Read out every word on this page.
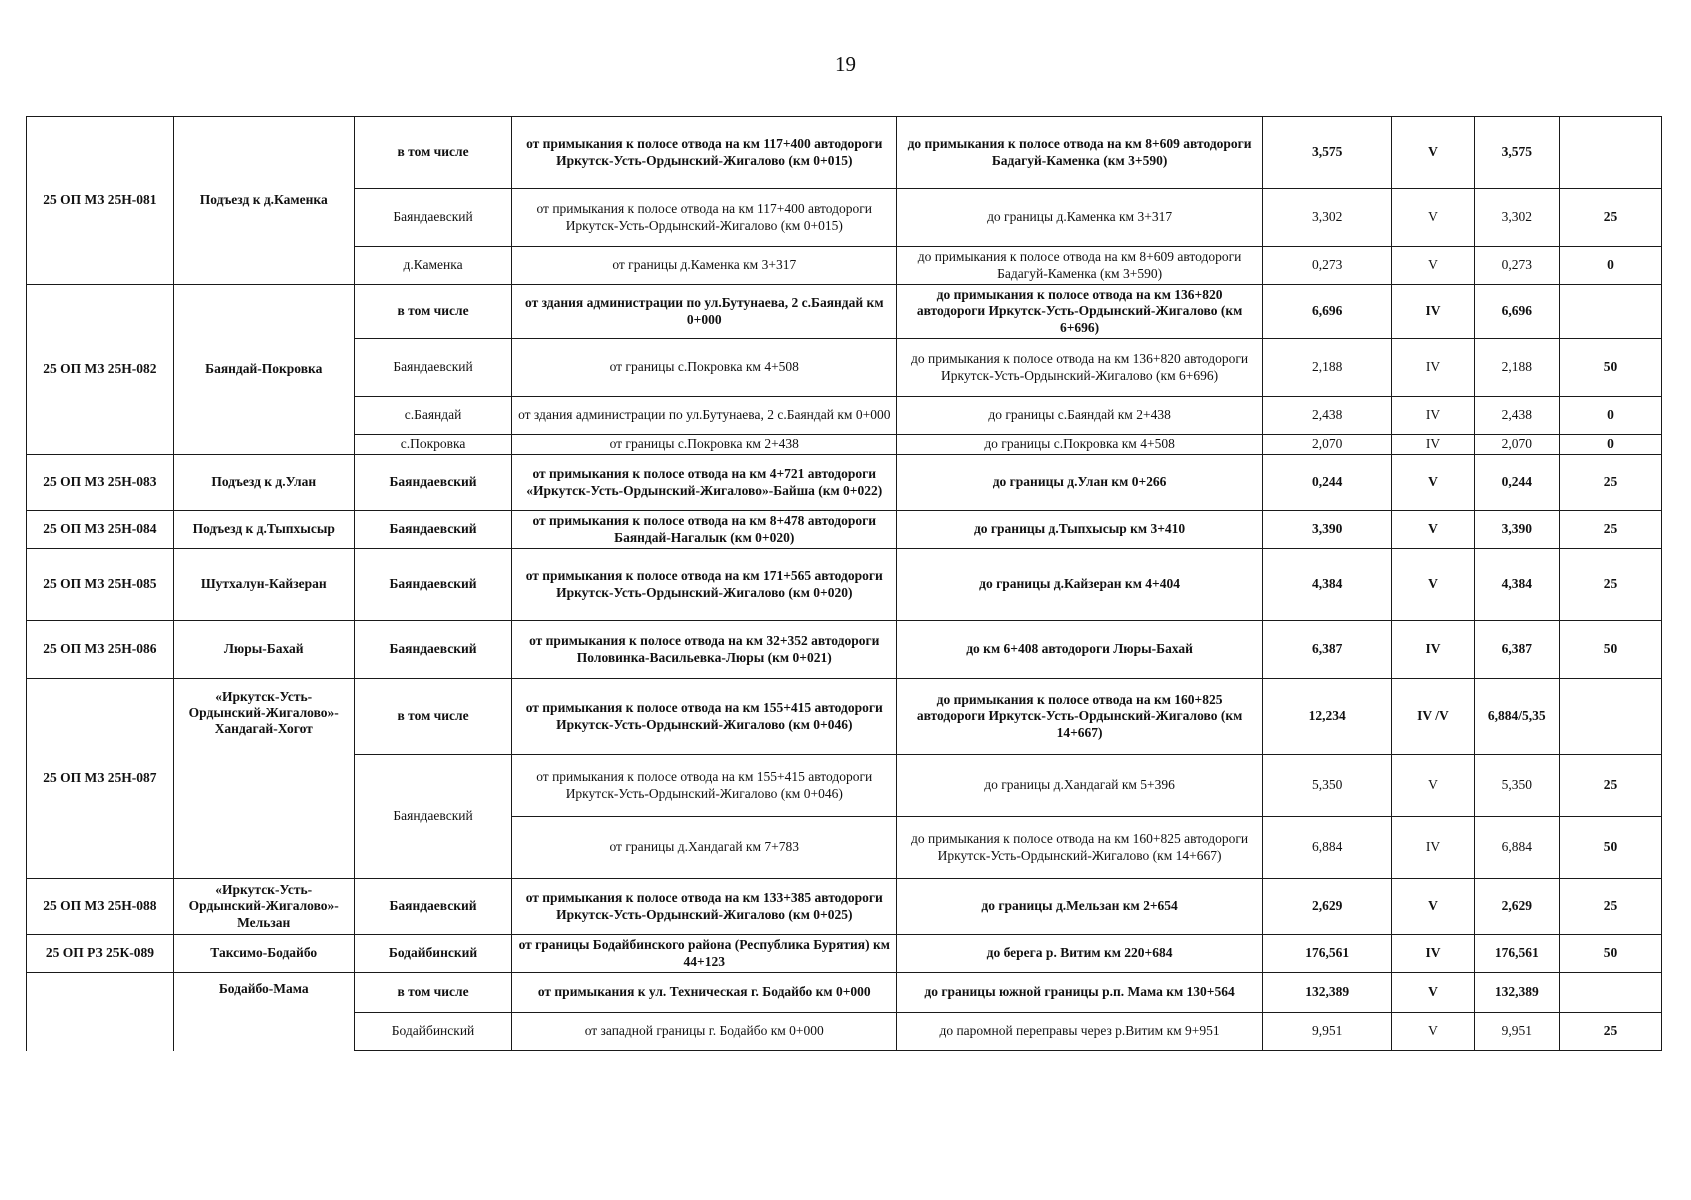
19
25 ОП МЗ 25Н-081	Подъезд к д.Каменка	в том числе	от примыкания к полосе отвода на км 117+400 автодороги Иркутск-Усть-Ордынский-Жигалово (км 0+015)	до примыкания к полосе отвода на км 8+609 автодороги Бадагуй-Каменка (км 3+590)	3,575	V	3,575	
		Баяндаевский	от примыкания к полосе отвода на км 117+400 автодороги Иркутск-Усть-Ордынский-Жигалово (км 0+015)	до границы д.Каменка км 3+317	3,302	V	3,302	25
		д.Каменка	от границы д.Каменка км 3+317	до примыкания к полосе отвода на км 8+609 автодороги Бадагуй-Каменка (км 3+590)	0,273	V	0,273	0
25 ОП МЗ 25Н-082	Баяндай-Покровка	в том числе	от здания администрации по ул.Бутунаева, 2 с.Баяндай км 0+000	до примыкания к полосе отвода на км 136+820 автодороги Иркутск-Усть-Ордынский-Жигалово (км 6+696)	6,696	IV	6,696	
		Баяндаевский	от границы с.Покровка км 4+508	до примыкания к полосе отвода на км 136+820 автодороги Иркутск-Усть-Ордынский-Жигалово (км 6+696)	2,188	IV	2,188	50
		с.Баяндай	от здания администрации по ул.Бутунаева, 2 с.Баяндай км 0+000	до границы с.Баяндай км 2+438	2,438	IV	2,438	0
		с.Покровка	от границы с.Покровка км 2+438	до границы с.Покровка км 4+508	2,070	IV	2,070	0
25 ОП МЗ 25Н-083	Подъезд к д.Улан	Баяндаевский	от примыкания к полосе отвода на км 4+721 автодороги «Иркутск-Усть-Ордынский-Жигалово»-Байша (км 0+022)	до границы д.Улан км 0+266	0,244	V	0,244	25
25 ОП МЗ 25Н-084	Подъезд к д.Тыпхысыр	Баяндаевский	от примыкания к полосе отвода на км 8+478 автодороги Баяндай-Нагалык (км 0+020)	до границы д.Тыпхысыр км 3+410	3,390	V	3,390	25
25 ОП МЗ 25Н-085	Шутхалун-Кайзеран	Баяндаевский	от примыкания к полосе отвода на км 171+565 автодороги Иркутск-Усть-Ордынский-Жигалово (км 0+020)	до границы д.Кайзеран км 4+404	4,384	V	4,384	25
25 ОП МЗ 25Н-086	Люры-Бахай	Баяндаевский	от примыкания к полосе отвода на км 32+352 автодороги Половинка-Васильевка-Люры (км 0+021)	до км 6+408 автодороги Люры-Бахай	6,387	IV	6,387	50
25 ОП МЗ 25Н-087	«Иркутск-Усть-Ордынский-Жигалово»-Хандагай-Хогот	в том числе	от примыкания к полосе отвода на км 155+415 автодороги Иркутск-Усть-Ордынский-Жигалово (км 0+046)	до примыкания к полосе отвода на км 160+825 автодороги Иркутск-Усть-Ордынский-Жигалово (км 14+667)	12,234	IV /V	6,884/5,35	
		Баяндаевский	от примыкания к полосе отвода на км 155+415 автодороги Иркутск-Усть-Ордынский-Жигалово (км 0+046)	до границы д.Хандагай км 5+396	5,350	V	5,350	25
			от границы д.Хандагай км 7+783	до примыкания к полосе отвода на км 160+825 автодороги Иркутск-Усть-Ордынский-Жигалово (км 14+667)	6,884	IV	6,884	50
25 ОП МЗ 25Н-088	«Иркутск-Усть-Ордынский-Жигалово»-Мельзан	Баяндаевский	от примыкания к полосе отвода на км 133+385 автодороги Иркутск-Усть-Ордынский-Жигалово (км 0+025)	до границы д.Мельзан км 2+654	2,629	V	2,629	25
25 ОП РЗ 25К-089	Таксимо-Бодайбо	Бодайбинский	от границы Бодайбинского района (Республика Бурятия) км 44+123	до берега р. Витим км 220+684	176,561	IV	176,561	50
	Бодайбо-Мама	в том числе	от примыкания к ул. Техническая г. Бодайбо км 0+000	до границы южной границы р.п. Мама км 130+564	132,389	V	132,389	
		Бодайбинский	от западной границы г. Бодайбо км 0+000	до паромной переправы через р.Витим км 9+951	9,951	V	9,951	25
